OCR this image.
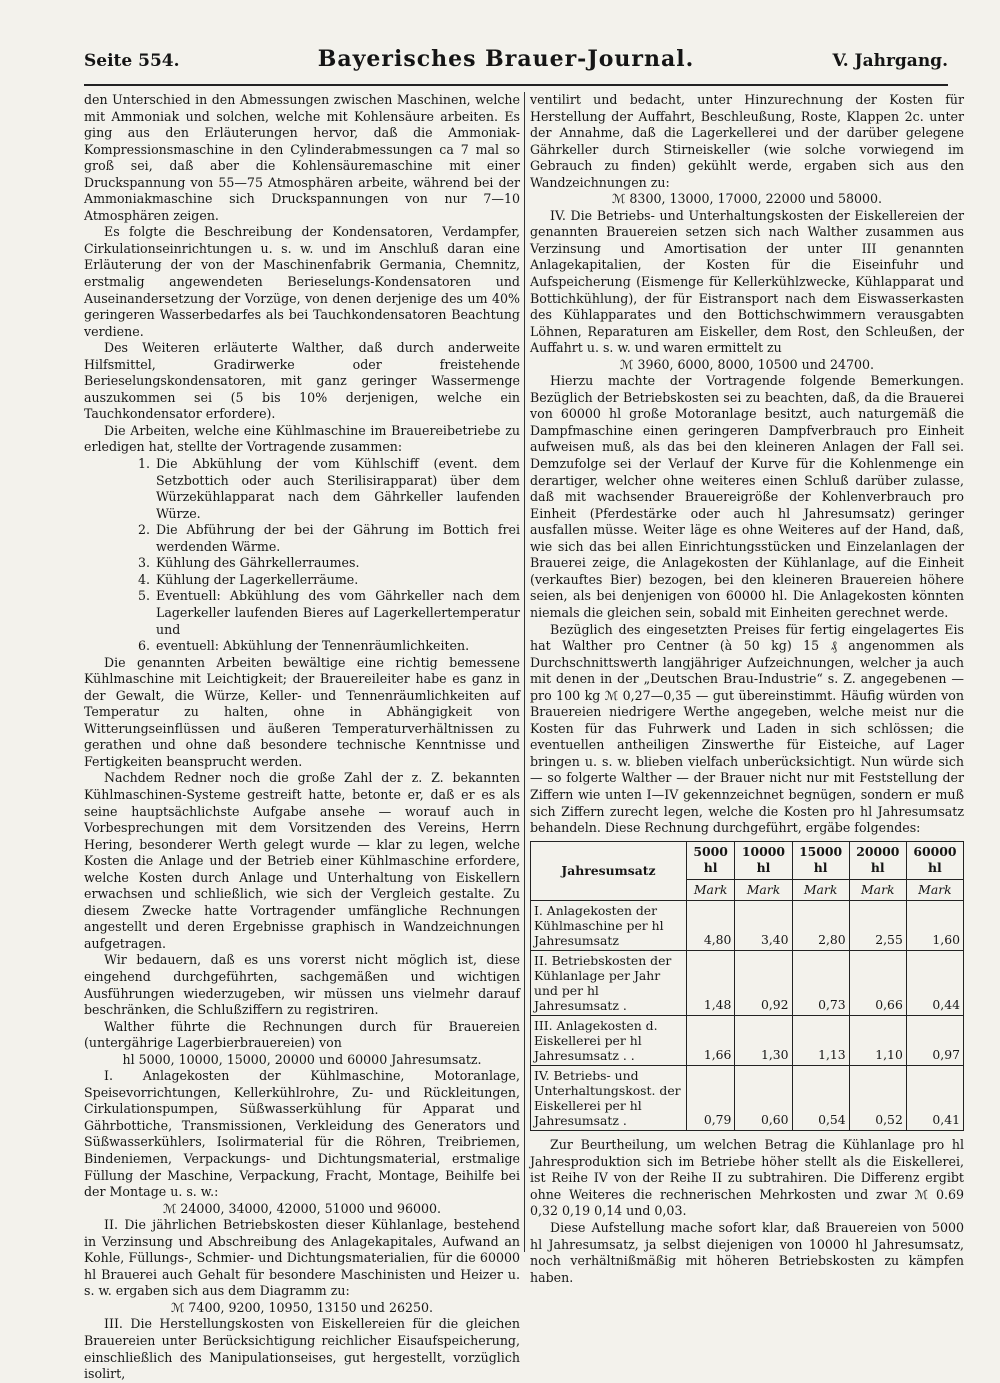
Seite 554.	Bayerisches Brauer-Journal.	V. Jahrgang.

den Unterschied in den Abmessungen zwischen Maschinen, welche mit Ammoniak und solchen, welche mit Kohlensäure arbeiten. Es ging aus den Erläuterungen hervor, daß die Ammoniak-Kompressionsmaschine in den Cylinderabmessungen ca 7 mal so groß sei, daß aber die Kohlensäuremaschine mit einer Druckspannung von 55—75 Atmosphären arbeite, während bei der Ammoniakmaschine sich Druckspannungen von nur 7—10 Atmosphären zeigen.

Es folgte die Beschreibung der Kondensatoren, Verdampfer, Cirkulationseinrichtungen u. s. w. und im Anschluß daran eine Erläuterung der von der Maschinenfabrik Germania, Chemnitz, erstmalig angewendeten Berieselungs-Kondensatoren und Auseinandersetzung der Vorzüge, von denen derjenige des um 40% geringeren Wasserbedarfes als bei Tauchkondensatoren Beachtung verdiene.

Des Weiteren erläuterte Walther, daß durch anderweite Hilfsmittel, Gradirwerke oder freistehende Berieselungskondensatoren, mit ganz geringer Wassermenge auszukommen sei (5 bis 10% derjenigen, welche ein Tauchkondensator erfordere).

Die Arbeiten, welche eine Kühlmaschine im Brauereibetriebe zu erledigen hat, stellte der Vortragende zusammen:

1. Die Abkühlung der vom Kühlschiff (event. dem Setzbottich oder auch Sterilisirapparat) über dem Würzekühlapparat nach dem Gährkeller laufenden Würze.
2. Die Abführung der bei der Gährung im Bottich frei werdenden Wärme.
3. Kühlung des Gährkellerraumes.
4. Kühlung der Lagerkellerräume.
5. Eventuell: Abkühlung des vom Gährkeller nach dem Lagerkeller laufenden Bieres auf Lagerkellertemperatur und
6. eventuell: Abkühlung der Tennenräumlichkeiten.

Die genannten Arbeiten bewältige eine richtig bemessene Kühlmaschine mit Leichtigkeit; der Brauereileiter habe es ganz in der Gewalt, die Würze, Keller- und Tennenräumlichkeiten auf Temperatur zu halten, ohne in Abhängigkeit von Witterungseinflüssen und äußeren Temperaturverhältnissen zu gerathen und ohne daß besondere technische Kenntnisse und Fertigkeiten beansprucht werden.

Nachdem Redner noch die große Zahl der z. Z. bekannten Kühlmaschinen-Systeme gestreift hatte, betonte er, daß er es als seine hauptsächlichste Aufgabe ansehe — worauf auch in Vorbesprechungen mit dem Vorsitzenden des Vereins, Herrn Hering, besonderer Werth gelegt wurde — klar zu legen, welche Kosten die Anlage und der Betrieb einer Kühlmaschine erfordere, welche Kosten durch Anlage und Unterhaltung von Eiskellern erwachsen und schließlich, wie sich der Vergleich gestalte. Zu diesem Zwecke hatte Vortragender umfängliche Rechnungen angestellt und deren Ergebnisse graphisch in Wandzeichnungen aufgetragen.

Wir bedauern, daß es uns vorerst nicht möglich ist, diese eingehend durchgeführten, sachgemäßen und wichtigen Ausführungen wiederzugeben, wir müssen uns vielmehr darauf beschränken, die Schlußziffern zu registriren.

Walther führte die Rechnungen durch für Brauereien (untergährige Lagerbierbrauereien) von

hl 5000, 10000, 15000, 20000 und 60000 Jahresumsatz.

I. Anlagekosten der Kühlmaschine, Motoranlage, Speisevorrichtungen, Kellerkühlrohre, Zu- und Rückleitungen, Cirkulationspumpen, Süßwasserkühlung für Apparat und Gährbottiche, Transmissionen, Verkleidung des Generators und Süßwasserkühlers, Isolirmaterial für die Röhren, Treibriemen, Bindeniemen, Verpackungs- und Dichtungsmaterial, erstmalige Füllung der Maschine, Verpackung, Fracht, Montage, Beihilfe bei der Montage u. s. w.:

ℳ 24000, 34000, 42000, 51000 und 96000.

II. Die jährlichen Betriebskosten dieser Kühlanlage, bestehend in Verzinsung und Abschreibung des Anlagekapitales, Aufwand an Kohle, Füllungs-, Schmier- und Dichtungsmaterialien, für die 60000 hl Brauerei auch Gehalt für besondere Maschinisten und Heizer u. s. w. ergaben sich aus dem Diagramm zu:

ℳ 7400, 9200, 10950, 13150 und 26250.

III. Die Herstellungskosten von Eiskellereien für die gleichen Brauereien unter Berücksichtigung reichlicher Eisaufspeicherung, einschließlich des Manipulationseises, gut hergestellt, vorzüglich isolirt,

ventilirt und bedacht, unter Hinzurechnung der Kosten für Herstellung der Auffahrt, Beschleußung, Roste, Klappen 2c. unter der Annahme, daß die Lagerkellerei und der darüber gelegene Gährkeller durch Stirneiskeller (wie solche vorwiegend im Gebrauch zu finden) gekühlt werde, ergaben sich aus den Wandzeichnungen zu:

ℳ 8300, 13000, 17000, 22000 und 58000.

IV. Die Betriebs- und Unterhaltungskosten der Eiskellereien der genannten Brauereien setzen sich nach Walther zusammen aus Verzinsung und Amortisation der unter III genannten Anlagekapitalien, der Kosten für die Eiseinfuhr und Aufspeicherung (Eismenge für Kellerkühlzwecke, Kühlapparat und Bottichkühlung), der für Eistransport nach dem Eiswasserkasten des Kühlapparates und den Bottichschwimmern verausgabten Löhnen, Reparaturen am Eiskeller, dem Rost, den Schleußen, der Auffahrt u. s. w. und waren ermittelt zu

ℳ 3960, 6000, 8000, 10500 und 24700.

Hierzu machte der Vortragende folgende Bemerkungen. Bezüglich der Betriebskosten sei zu beachten, daß, da die Brauerei von 60000 hl große Motoranlage besitzt, auch naturgemäß die Dampfmaschine einen geringeren Dampfverbrauch pro Einheit aufweisen muß, als das bei den kleineren Anlagen der Fall sei. Demzufolge sei der Verlauf der Kurve für die Kohlenmenge ein derartiger, welcher ohne weiteres einen Schluß darüber zulasse, daß mit wachsender Brauereigröße der Kohlenverbrauch pro Einheit (Pferdestärke oder auch hl Jahresumsatz) geringer ausfallen müsse. Weiter läge es ohne Weiteres auf der Hand, daß, wie sich das bei allen Einrichtungsstücken und Einzelanlagen der Brauerei zeige, die Anlagekosten der Kühlanlage, auf die Einheit (verkauftes Bier) bezogen, bei den kleineren Brauereien höhere seien, als bei denjenigen von 60000 hl. Die Anlagekosten könnten niemals die gleichen sein, sobald mit Einheiten gerechnet werde.

Bezüglich des eingesetzten Preises für fertig eingelagertes Eis hat Walther pro Centner (à 50 kg) 15 ₰ angenommen als Durchschnittswerth langjähriger Aufzeichnungen, welcher ja auch mit denen in der „Deutschen Brau-Industrie“ s. Z. angegebenen — pro 100 kg ℳ 0,27—0,35 — gut übereinstimmt. Häufig würden von Brauereien niedrigere Werthe angegeben, welche meist nur die Kosten für das Fuhrwerk und Laden in sich schlössen; die eventuellen antheiligen Zinswerthe für Eisteiche, auf Lager bringen u. s. w. blieben vielfach unberücksichtigt. Nun würde sich — so folgerte Walther — der Brauer nicht nur mit Feststellung der Ziffern wie unten I—IV gekennzeichnet begnügen, sondern er muß sich Ziffern zurecht legen, welche die Kosten pro hl Jahresumsatz behandeln. Diese Rechnung durchgeführt, ergäbe folgendes:

Jahresumsatz	5000 hl	10000 hl	15000 hl	20000 hl	60000 hl
	Mark	Mark	Mark	Mark	Mark
I. Anlagekosten der Kühlmaschine per hl Jahresumsatz	4,80	3,40	2,80	2,55	1,60
II. Betriebskosten der Kühlanlage per Jahr und per hl Jahresumsatz .	1,48	0,92	0,73	0,66	0,44
III. Anlagekosten d. Eiskellerei per hl Jahresumsatz . .	1,66	1,30	1,13	1,10	0,97
IV. Betriebs- und Unterhaltungskost. der Eiskellerei per hl Jahresumsatz .	0,79	0,60	0,54	0,52	0,41

Zur Beurtheilung, um welchen Betrag die Kühlanlage pro hl Jahresproduktion sich im Betriebe höher stellt als die Eiskellerei, ist Reihe IV von der Reihe II zu subtrahiren. Die Differenz ergibt ohne Weiteres die rechnerischen Mehrkosten und zwar ℳ 0.69 0,32 0,19 0,14 und 0,03.

Diese Aufstellung mache sofort klar, daß Brauereien von 5000 hl Jahresumsatz, ja selbst diejenigen von 10000 hl Jahresumsatz, noch verhältnißmäßig mit höheren Betriebskosten zu kämpfen haben.
